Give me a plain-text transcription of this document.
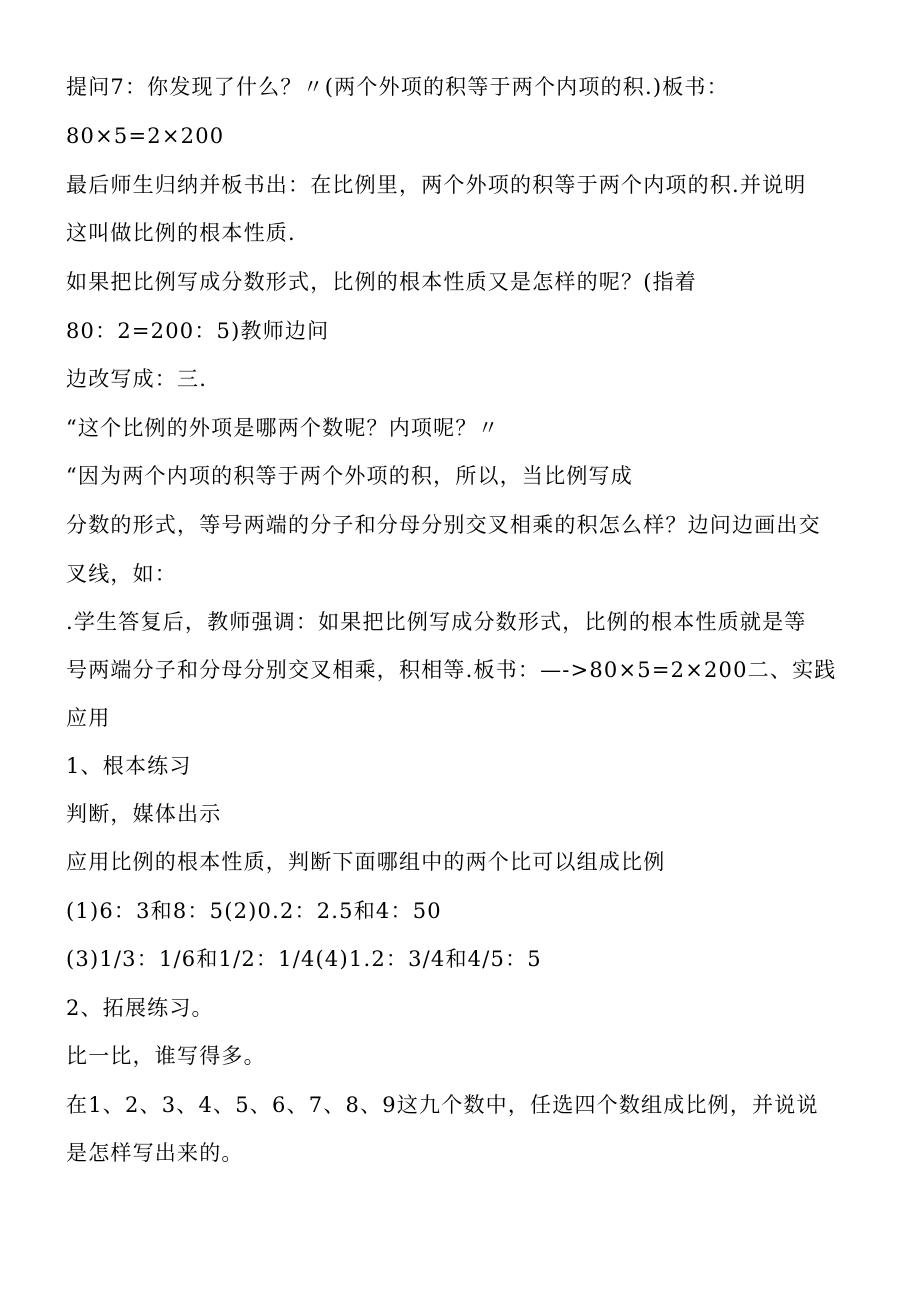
提问7：你发现了什么？〃(两个外项的积等于两个内项的积.)板书：
80×5=2×200
最后师生归纳并板书出：在比例里，两个外项的积等于两个内项的积.并说明
这叫做比例的根本性质.
如果把比例写成分数形式，比例的根本性质又是怎样的呢？(指着
80：2=200：5)教师边问
边改写成：三.
“这个比例的外项是哪两个数呢？内项呢？〃
“因为两个内项的积等于两个外项的积，所以，当比例写成
分数的形式，等号两端的分子和分母分别交叉相乘的积怎么样？边问边画出交
叉线，如：
.学生答复后，教师强调：如果把比例写成分数形式，比例的根本性质就是等
号两端分子和分母分别交叉相乘，积相等.板书：—->80×5=2×200二、实践
应用
1、根本练习
判断，媒体出示
应用比例的根本性质，判断下面哪组中的两个比可以组成比例
(1)6：3和8：5(2)0.2：2.5和4：50
(3)1/3：1/6和1/2：1/4(4)1.2：3/4和4/5：5
2、拓展练习。
比一比，谁写得多。
在1、2、3、4、5、6、7、8、9这九个数中，任选四个数组成比例，并说说
是怎样写出来的。
